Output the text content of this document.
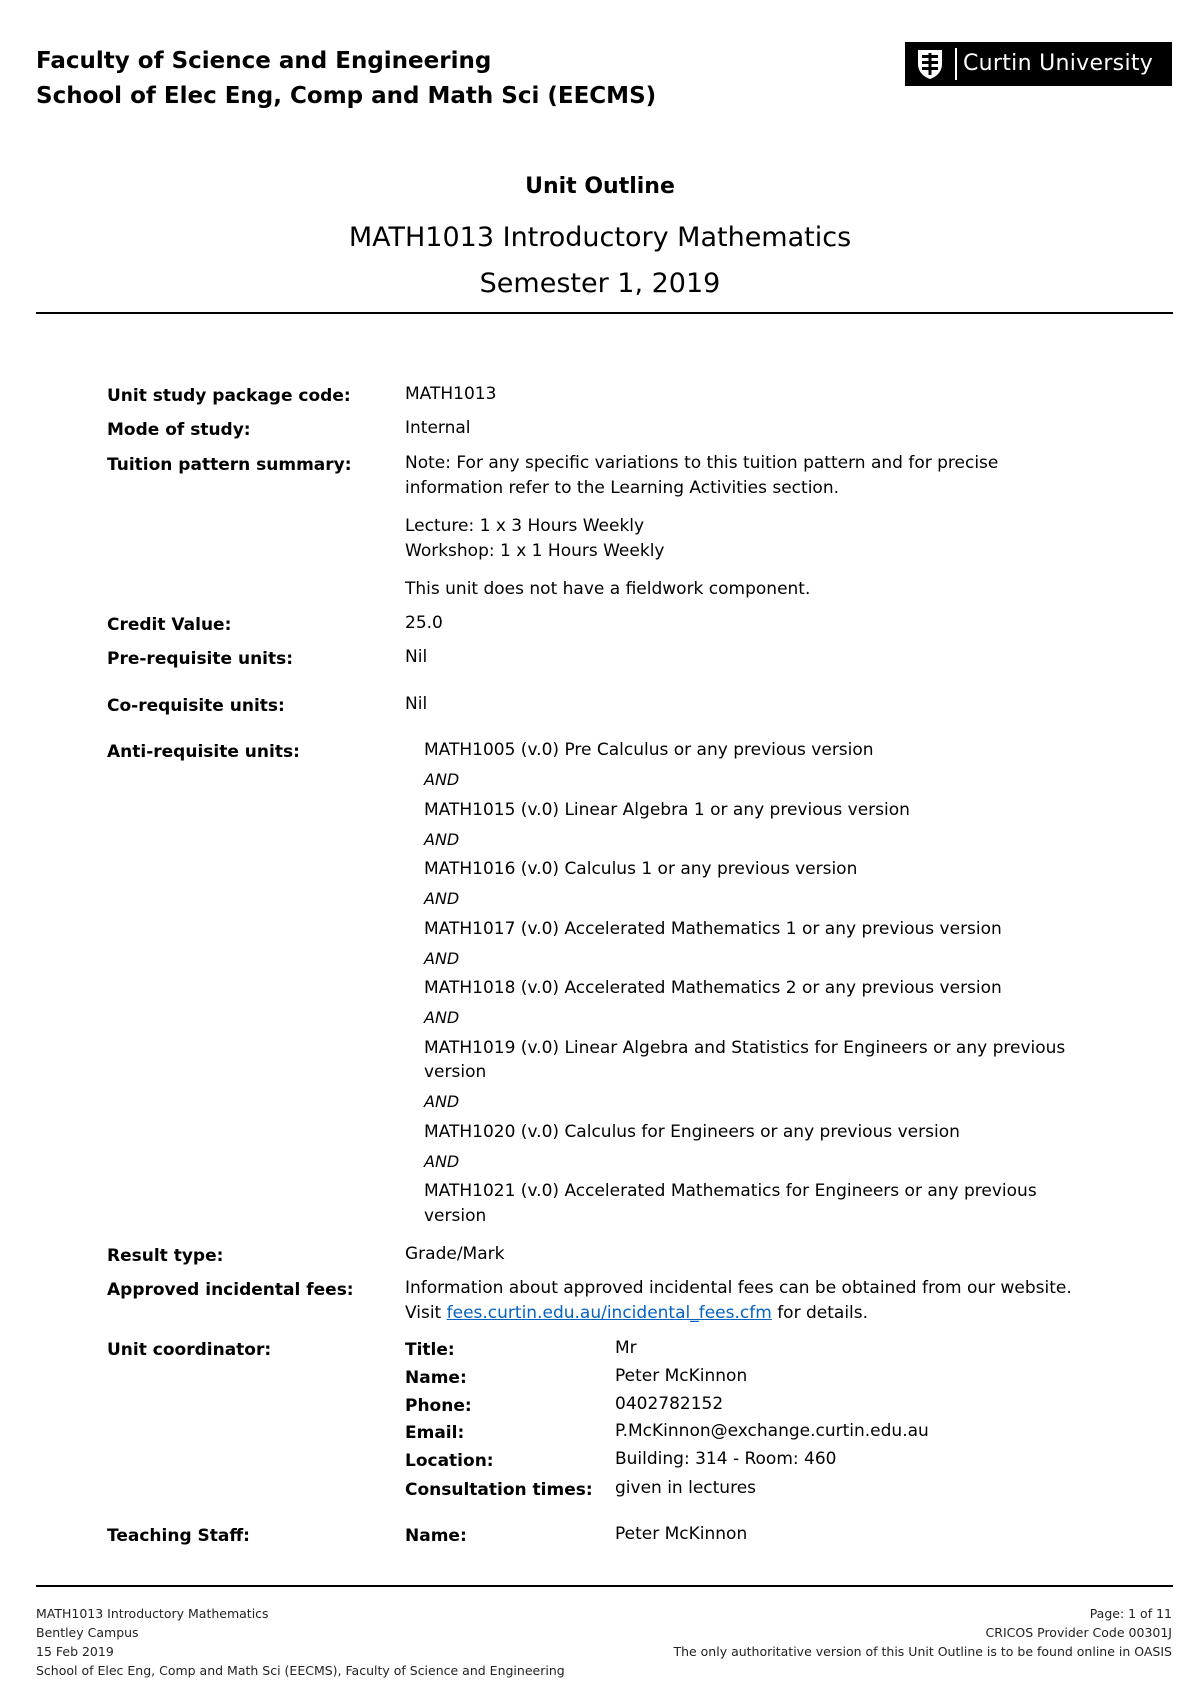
Faculty of Science and Engineering
School of Elec Eng, Comp and Math Sci (EECMS)
Curtin University
Unit Outline
MATH1013 Introductory Mathematics
Semester 1, 2019
Unit study package code:	MATH1013
Mode of study:	Internal
Tuition pattern summary:	Note: For any specific variations to this tuition pattern and for precise
information refer to the Learning Activities section.
Lecture: 1 x 3 Hours Weekly
Workshop: 1 x 1 Hours Weekly
This unit does not have a fieldwork component.
Credit Value:	25.0
Pre-requisite units:	Nil
Co-requisite units:	Nil
Anti-requisite units:	MATH1005 (v.0) Pre Calculus or any previous version
AND
MATH1015 (v.0) Linear Algebra 1 or any previous version
AND
MATH1016 (v.0) Calculus 1 or any previous version
AND
MATH1017 (v.0) Accelerated Mathematics 1 or any previous version
AND
MATH1018 (v.0) Accelerated Mathematics 2 or any previous version
AND
MATH1019 (v.0) Linear Algebra and Statistics for Engineers or any previous
version
AND
MATH1020 (v.0) Calculus for Engineers or any previous version
AND
MATH1021 (v.0) Accelerated Mathematics for Engineers or any previous
version
Result type:	Grade/Mark
Approved incidental fees:	Information about approved incidental fees can be obtained from our website.
Visit fees.curtin.edu.au/incidental_fees.cfm for details.
Unit coordinator:	Title:	Mr
Name:	Peter McKinnon
Phone:	0402782152
Email:	P.McKinnon@exchange.curtin.edu.au
Location:	Building: 314 - Room: 460
Consultation times: given in lectures
Teaching Staff:	Name:	Peter McKinnon
MATH1013 Introductory Mathematics
Bentley Campus
15 Feb 2019
School of Elec Eng, Comp and Math Sci (EECMS), Faculty of Science and Engineering
Page: 1 of 11
CRICOS Provider Code 00301J
The only authoritative version of this Unit Outline is to be found online in OASIS
